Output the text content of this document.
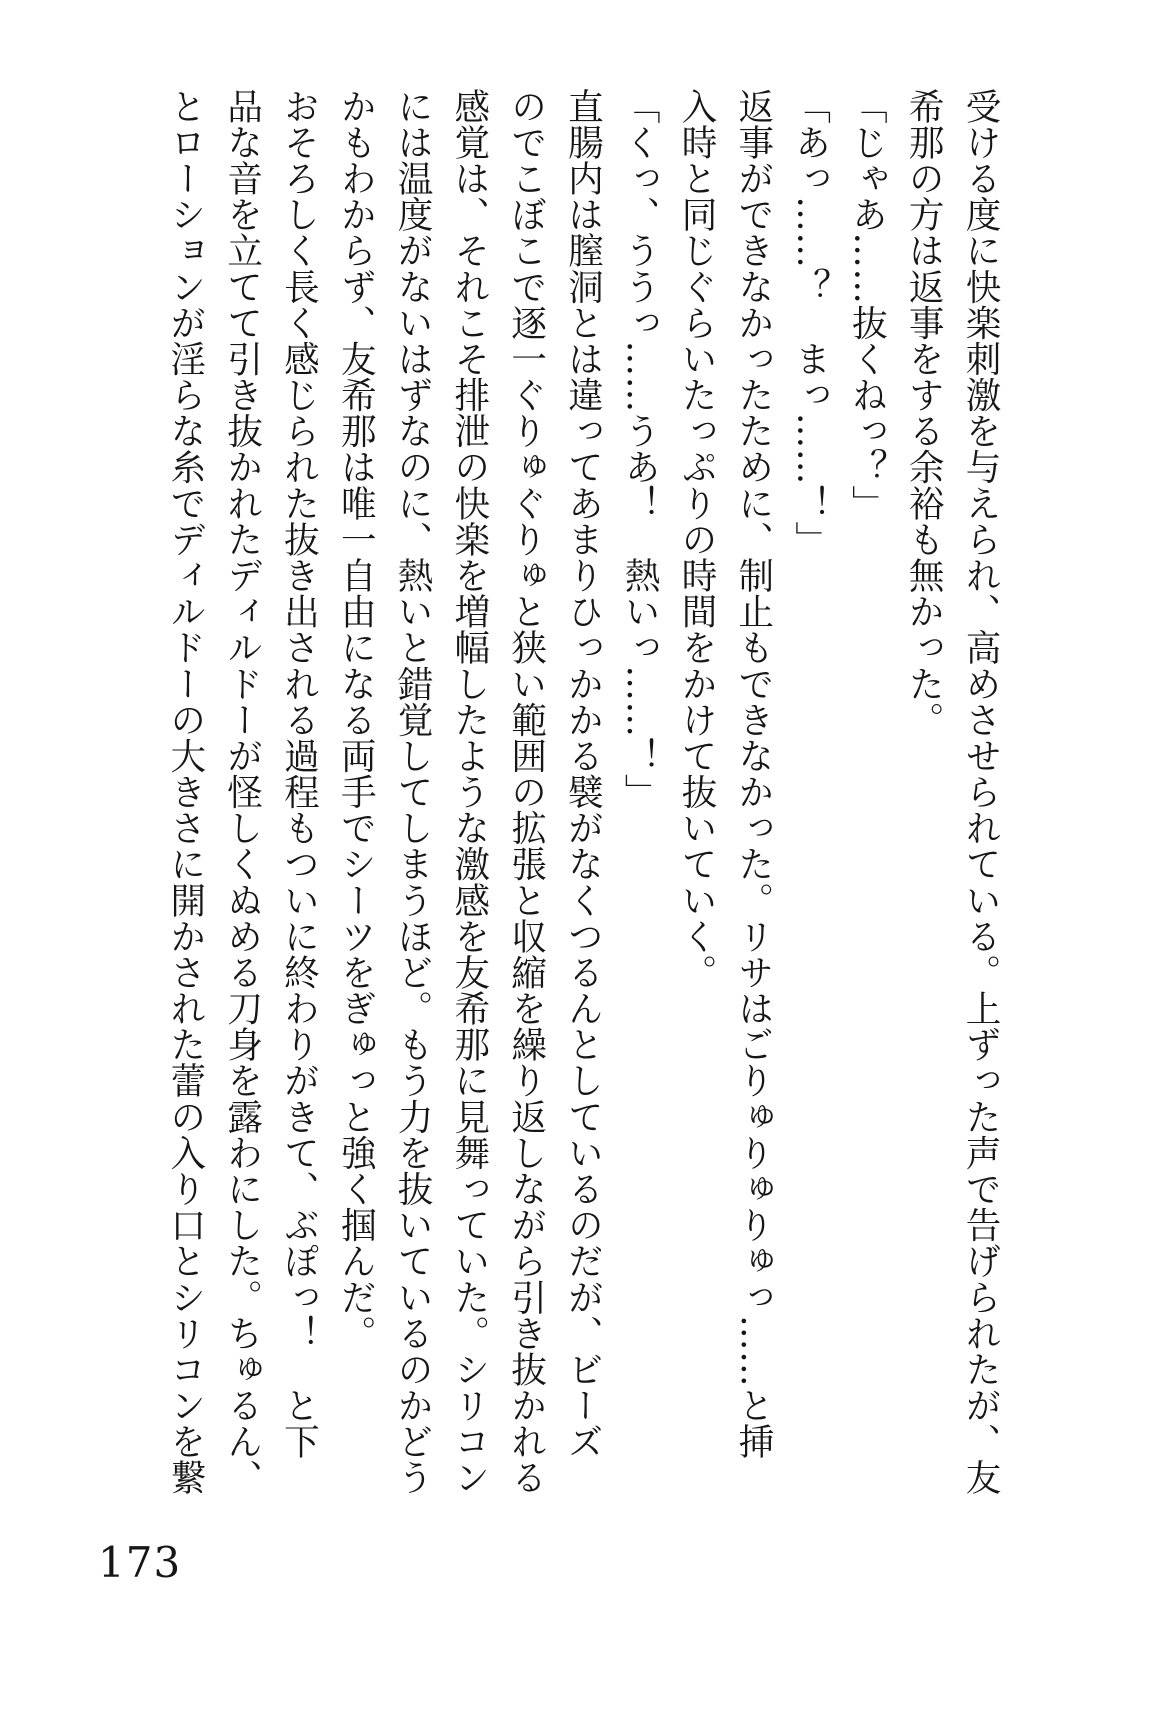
受ける度に快楽刺激を与えられ、高めさせられている。上ずった声で告げられたが、友
希那の方は返事をする余裕も無かった。
「じゃあ……抜くねっ？」
「あっ……？　まっ……！」
返事ができなかったために、制止もできなかった。リサはごりゅりゅりゅっ……と挿
入時と同じぐらいたっぷりの時間をかけて抜いていく。
「くっ、ううっ……うあ！　熱いっ……！」
直腸内は膣洞とは違ってあまりひっかかる襞がなくつるんとしているのだが、ビーズ
のでこぼこで逐一ぐりゅぐりゅと狭い範囲の拡張と収縮を繰り返しながら引き抜かれる
感覚は、それこそ排泄の快楽を増幅したような激感を友希那に見舞っていた。シリコン
には温度がないはずなのに、熱いと錯覚してしまうほど。もう力を抜いているのかどう
かもわからず、友希那は唯一自由になる両手でシーツをぎゅっと強く掴んだ。
おそろしく長く感じられた抜き出される過程もついに終わりがきて、ぶぽっ！　と下
品な音を立てて引き抜かれたディルドーが怪しくぬめる刀身を露わにした。ちゅるん、
とローションが淫らな糸でディルドーの大きさに開かされた蕾の入り口とシリコンを繋
173
